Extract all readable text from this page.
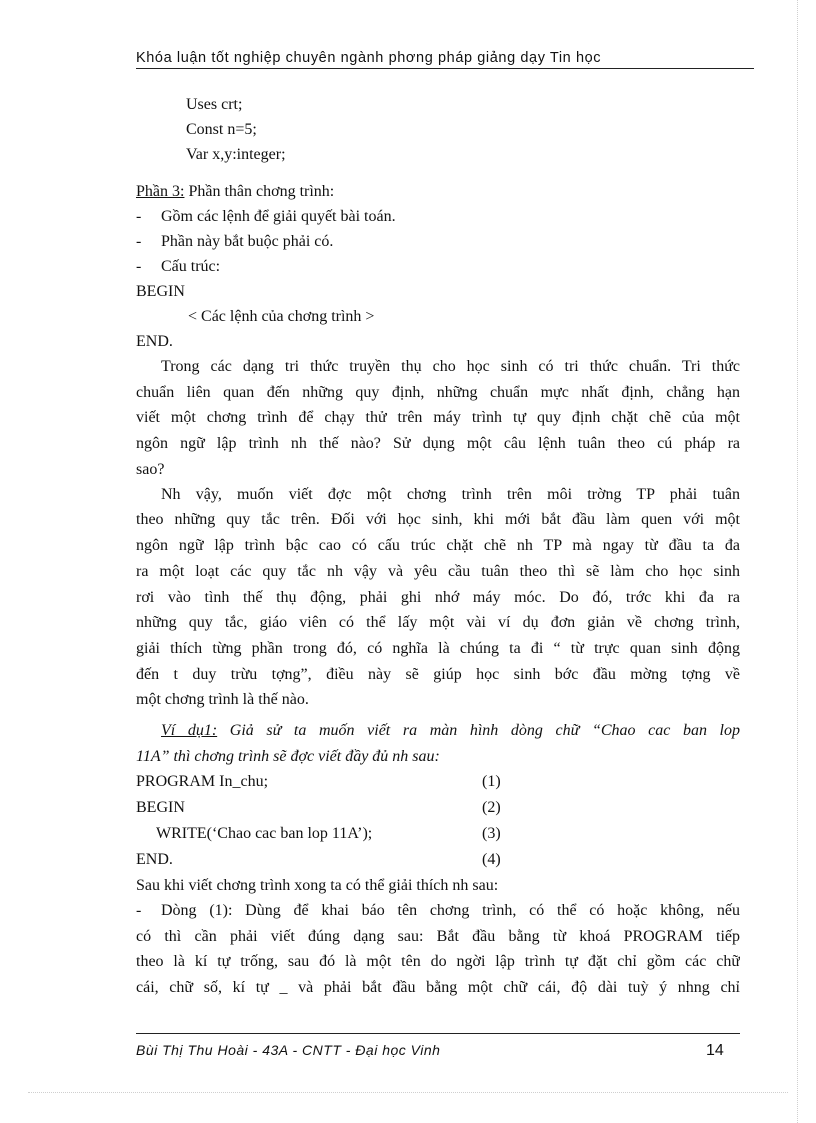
Khóa luận tốt nghiệp chuyên ngành phơng pháp giảng dạy Tin học
Uses crt;
Const n=5;
Var x,y:integer;
Phần 3: Phần thân chơng trình:
- Gồm các lệnh để giải quyết bài toán.
- Phần này bắt buộc phải có.
- Cấu trúc:
BEGIN
< Các lệnh của chơng trình >
END.
Trong các dạng tri thức truyền thụ cho học sinh có tri thức chuẩn. Tri thức
chuẩn liên quan đến những quy định, những chuẩn mực nhất định, chẳng hạn
viết một chơng trình để chạy thử trên máy trình tự quy định chặt chẽ của một
ngôn ngữ lập trình nh thế nào? Sử dụng một câu lệnh tuân theo cú pháp ra
sao?
Nh vậy, muốn viết đợc một chơng trình trên môi trờng TP phải tuân
theo những quy tắc trên. Đối với học sinh, khi mới bắt đầu làm quen với một
ngôn ngữ lập trình bậc cao có cấu trúc chặt chẽ nh TP mà ngay từ đầu ta đa
ra một loạt các quy tắc nh vậy và yêu cầu tuân theo thì sẽ làm cho học sinh
rơi vào tình thế thụ động, phải ghi nhớ máy móc. Do đó, trớc khi đa ra
những quy tắc, giáo viên có thể lấy một vài ví dụ đơn giản về chơng trình,
giải thích từng phần trong đó, có nghĩa là chúng ta đi “ từ trực quan sinh động
đến t duy trừu tợng”, điều này sẽ giúp học sinh bớc đầu mờng tợng về
một chơng trình là thế nào.
Ví dụ1: Giả sử ta muốn viết ra màn hình dòng chữ “Chao cac ban lop
11A” thì chơng trình sẽ đợc viết đầy đủ nh sau:
PROGRAM In_chu;	(1)
BEGIN	(2)
WRITE(‘Chao cac ban lop 11A’);	(3)
END.	(4)
Sau khi viết chơng trình xong ta có thể giải thích nh sau:
- Dòng (1): Dùng để khai báo tên chơng trình, có thể có hoặc không, nếu
có thì cần phải viết đúng dạng sau: Bắt đầu bằng từ khoá PROGRAM tiếp
theo là kí tự trống, sau đó là một tên do ngời lập trình tự đặt chỉ gồm các chữ
cái, chữ số, kí tự _ và phải bắt đầu bằng một chữ cái, độ dài tuỳ ý nhng chỉ
Bùi Thị Thu Hoài - 43A - CNTT - Đại học Vinh	14
